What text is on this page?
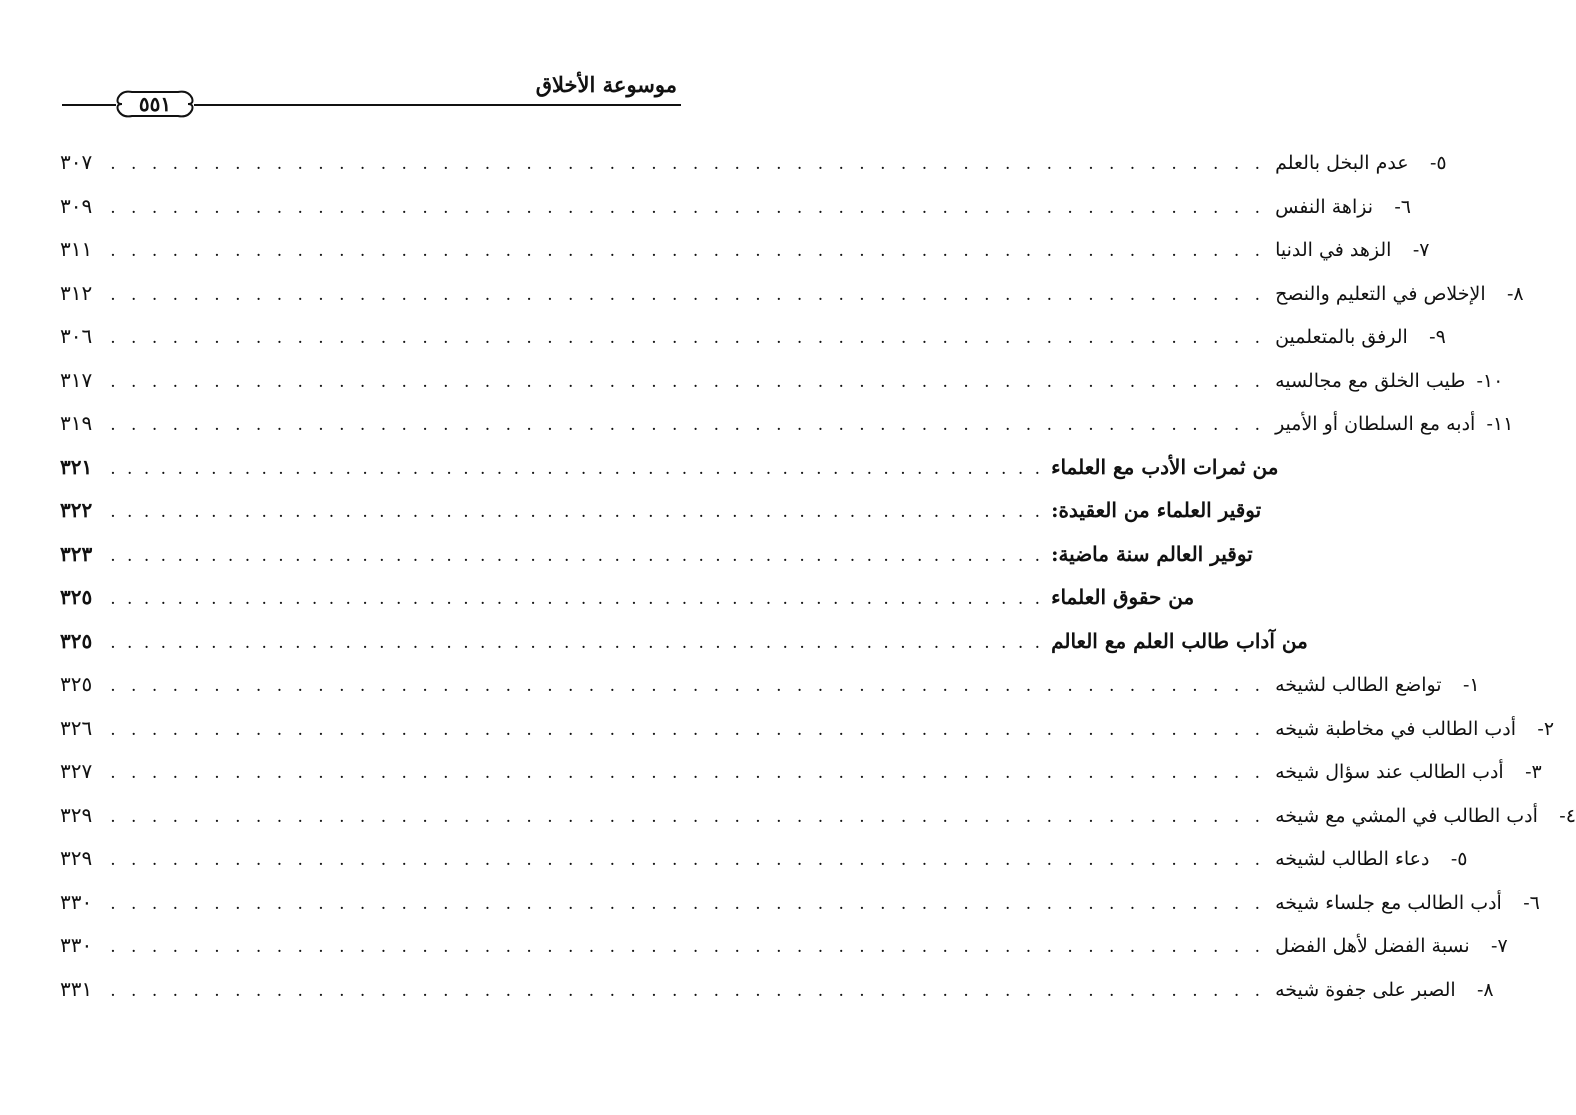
موسوعة الأخلاق
٥٥١
٣٠٧ . . . . . . . . . . . . . . . . . . . . . . . . . . . . . . . . . . . . . . . . . . . . . . . . . . . . . . . . عدم البخل بالعلم	٥-
٣٠٩ . . . . . . . . . . . . . . . . . . . . . . . . . . . . . . . . . . . . . . . . . . . . . . . . . . . . . . . . نزاهة النفس	٦-
٣١١ . . . . . . . . . . . . . . . . . . . . . . . . . . . . . . . . . . . . . . . . . . . . . . . . . . . . . . . . الزهد في الدنيا	٧-
٣١٢ . . . . . . . . . . . . . . . . . . . . . . . . . . . . . . . . . . . . . . . . . . . . . . . . . . . . . . . . الإخلاص في التعليم والنصح	٨-
٣٠٦ . . . . . . . . . . . . . . . . . . . . . . . . . . . . . . . . . . . . . . . . . . . . . . . . . . . . . . . . الرفق بالمتعلمين	٩-
٣١٧ . . . . . . . . . . . . . . . . . . . . . . . . . . . . . . . . . . . . . . . . . . . . . . . . . . . . . . . . طيب الخلق مع مجالسيه ١٠-
٣١٩ . . . . . . . . . . . . . . . . . . . . . . . . . . . . . . . . . . . . . . . . . . . . . . . . . . . . . . . . أدبه مع السلطان أو الأمير ١١-
٣٢١ . . . . . . . . . . . . . . . . . . . . . . . . . . . . . . . . . . . . . . . . . . . . . . . . . . . . . . . . من ثمرات الأدب مع العلماء
٣٢٢ . . . . . . . . . . . . . . . . . . . . . . . . . . . . . . . . . . . . . . . . . . . . . . . . . . . . . . . . توقير العلماء من العقيدة:
٣٢٣ . . . . . . . . . . . . . . . . . . . . . . . . . . . . . . . . . . . . . . . . . . . . . . . . . . . . . . . . توقير العالم سنة ماضية:
٣٢٥ . . . . . . . . . . . . . . . . . . . . . . . . . . . . . . . . . . . . . . . . . . . . . . . . . . . . . . . . من حقوق العلماء
٣٢٥ . . . . . . . . . . . . . . . . . . . . . . . . . . . . . . . . . . . . . . . . . . . . . . . . . . . . . . . . من آداب طالب العلم مع العالم
٣٢٥ . . . . . . . . . . . . . . . . . . . . . . . . . . . . . . . . . . . . . . . . . . . . . . . . . . . . . . . . تواضع الطالب لشيخه	١-
٣٢٦ . . . . . . . . . . . . . . . . . . . . . . . . . . . . . . . . . . . . . . . . . . . . . . . . . . . . . . . . أدب الطالب في مخاطبة شيخه	٢-
٣٢٧ . . . . . . . . . . . . . . . . . . . . . . . . . . . . . . . . . . . . . . . . . . . . . . . . . . . . . . . . أدب الطالب عند سؤال شيخه	٣-
٣٢٩ . . . . . . . . . . . . . . . . . . . . . . . . . . . . . . . . . . . . . . . . . . . . . . . . . . . . . . . . أدب الطالب في المشي مع شيخه	٤-
٣٢٩ . . . . . . . . . . . . . . . . . . . . . . . . . . . . . . . . . . . . . . . . . . . . . . . . . . . . . . . . دعاء الطالب لشيخه	٥-
٣٣٠ . . . . . . . . . . . . . . . . . . . . . . . . . . . . . . . . . . . . . . . . . . . . . . . . . . . . . . . . أدب الطالب مع جلساء شيخه	٦-
٣٣٠ . . . . . . . . . . . . . . . . . . . . . . . . . . . . . . . . . . . . . . . . . . . . . . . . . . . . . . . . نسبة الفضل لأهل الفضل	٧-
٣٣١ . . . . . . . . . . . . . . . . . . . . . . . . . . . . . . . . . . . . . . . . . . . . . . . . . . . . . . . . الصبر على جفوة شيخه	٨-
